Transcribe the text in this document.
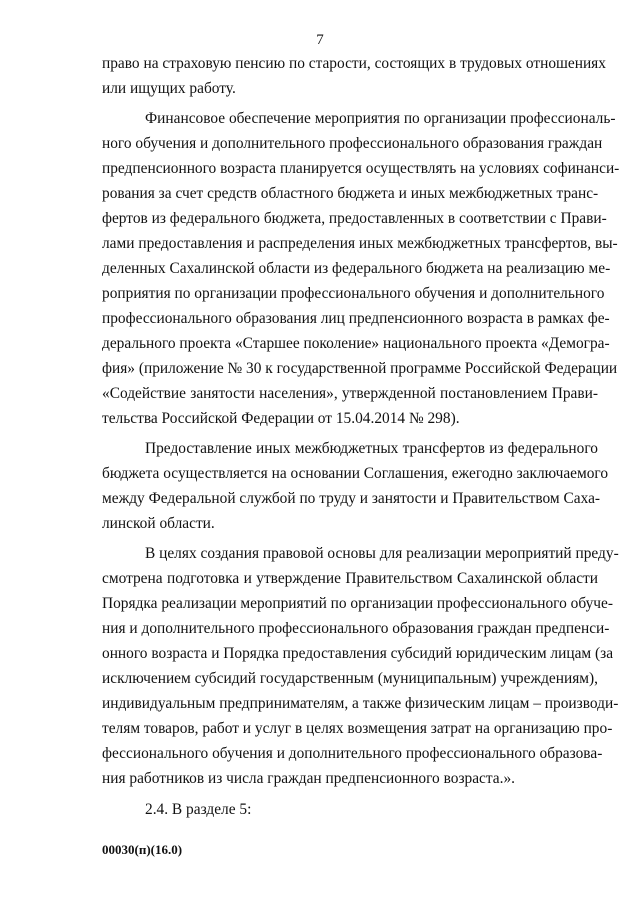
7
право на страховую пенсию по старости, состоящих в трудовых отношениях
или ищущих работу.
Финансовое обеспечение мероприятия по организации профессиональ-
ного обучения и дополнительного профессионального образования граждан
предпенсионного возраста планируется осуществлять на условиях софинанси-
рования за счет средств областного бюджета и иных межбюджетных транс-
фертов из федерального бюджета, предоставленных в соответствии с Прави-
лами предоставления и распределения иных межбюджетных трансфертов, вы-
деленных Сахалинской области из федерального бюджета на реализацию ме-
роприятия по организации профессионального обучения и дополнительного
профессионального образования лиц предпенсионного возраста в рамках фе-
дерального проекта «Старшее поколение» национального проекта «Демогра-
фия» (приложение № 30 к государственной программе Российской Федерации
«Содействие занятости населения», утвержденной постановлением Прави-
тельства Российской Федерации от 15.04.2014 № 298).
Предоставление иных межбюджетных трансфертов из федерального
бюджета осуществляется на основании Соглашения, ежегодно заключаемого
между Федеральной службой по труду и занятости и Правительством Саха-
линской области.
В целях создания правовой основы для реализации мероприятий преду-
смотрена подготовка и утверждение Правительством Сахалинской области
Порядка реализации мероприятий по организации профессионального обуче-
ния и дополнительного профессионального образования граждан предпенси-
онного возраста и Порядка предоставления субсидий юридическим лицам (за
исключением субсидий государственным (муниципальным) учреждениям),
индивидуальным предпринимателям, а также физическим лицам – производи-
телям товаров, работ и услуг в целях возмещения затрат на организацию про-
фессионального обучения и дополнительного профессионального образова-
ния работников из числа граждан предпенсионного возраста.».
2.4. В разделе 5:
00030(п)(16.0)
